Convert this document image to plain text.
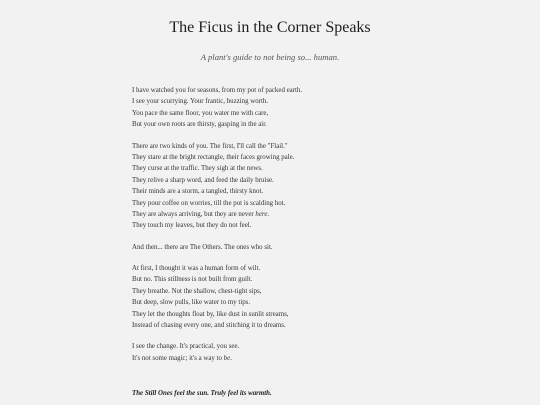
The Ficus in the Corner Speaks
A plant's guide to not being so... human.
I have watched you for seasons, from my pot of packed earth.
I see your scurrying. Your frantic, buzzing worth.
You pace the same floor, you water me with care,
But your own roots are thirsty, gasping in the air.
There are two kinds of you. The first, I'll call the "Flail."
They stare at the bright rectangle, their faces growing pale.
They curse at the traffic. They sigh at the news.
They relive a sharp word, and feed the daily bruise.
Their minds are a storm, a tangled, thirsty knot.
They pour coffee on worries, till the pot is scalding hot.
They are always arriving, but they are never here.
They touch my leaves, but they do not feel.
And then... there are The Others. The ones who sit.
At first, I thought it was a human form of wilt.
But no. This stillness is not built from guilt.
They breathe. Not the shallow, chest-tight sips,
But deep, slow pulls, like water to my tips.
They let the thoughts float by, like dust in sunlit streams,
Instead of chasing every one, and stitching it to dreams.
I see the change. It's practical, you see.
It's not some magic; it's a way to be.
The Still Ones feel the sun. Truly feel its warmth.
